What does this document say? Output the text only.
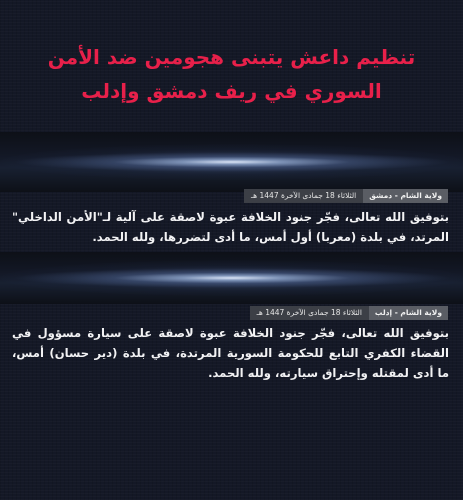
تنظيم داعش يتبنى هجومين ضد الأمن السوري في ريف دمشق وإدلب
ولاية الشام - دمشق
الثلاثاء 18 جمادى الآخرة 1447 هـ

بتوفيق الله تعالى، فجّر جنود الخلافة عبوة لاصقة على آلية لـ"الأمن الداخلي" المرتد، في بلدة (معربا) أول أمس، ما أدى لتضررها، ولله الحمد.

ولاية الشام - إدلب
الثلاثاء 18 جمادى الآخرة 1447 هـ

بتوفيق الله تعالى، فجّر جنود الخلافة عبوة لاصقة على سيارة مسؤول في القضاء الكفري التابع للحكومة السورية المرتدة، في بلدة (دير حسان) أمس، ما أدى لمقتله وإحتراق سيارته، ولله الحمد.
